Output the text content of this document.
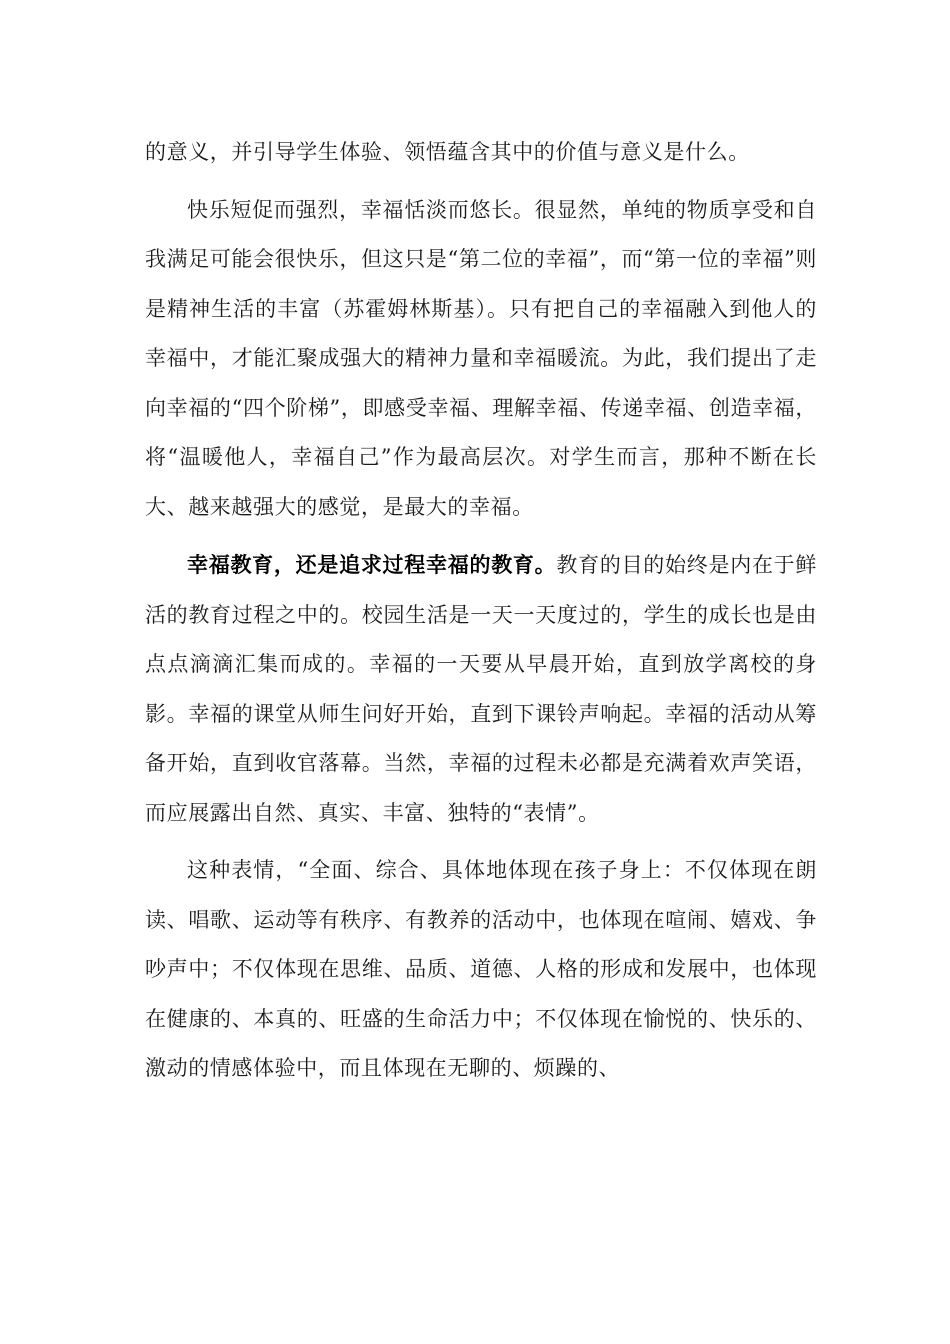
的意义，并引导学生体验、领悟蕴含其中的价值与意义是什么。

快乐短促而强烈，幸福恬淡而悠长。很显然，单纯的物质享受和自我满足可能会很快乐，但这只是“第二位的幸福”，而“第一位的幸福”则是精神生活的丰富（苏霍姆林斯基）。只有把自己的幸福融入到他人的幸福中，才能汇聚成强大的精神力量和幸福暖流。为此，我们提出了走向幸福的“四个阶梯”，即感受幸福、理解幸福、传递幸福、创造幸福，将“温暖他人，幸福自己”作为最高层次。对学生而言，那种不断在长大、越来越强大的感觉，是最大的幸福。

幸福教育，还是追求过程幸福的教育。教育的目的始终是内在于鲜活的教育过程之中的。校园生活是一天一天度过的，学生的成长也是由点点滴滴汇集而成的。幸福的一天要从早晨开始，直到放学离校的身影。幸福的课堂从师生问好开始，直到下课铃声响起。幸福的活动从筹备开始，直到收官落幕。当然，幸福的过程未必都是充满着欢声笑语，而应展露出自然、真实、丰富、独特的“表情”。

这种表情，“全面、综合、具体地体现在孩子身上：不仅体现在朗读、唱歌、运动等有秩序、有教养的活动中，也体现在喧闹、嬉戏、争吵声中；不仅体现在思维、品质、道德、人格的形成和发展中，也体现在健康的、本真的、旺盛的生命活力中；不仅体现在愉悦的、快乐的、激动的情感体验中，而且体现在无聊的、烦躁的、
